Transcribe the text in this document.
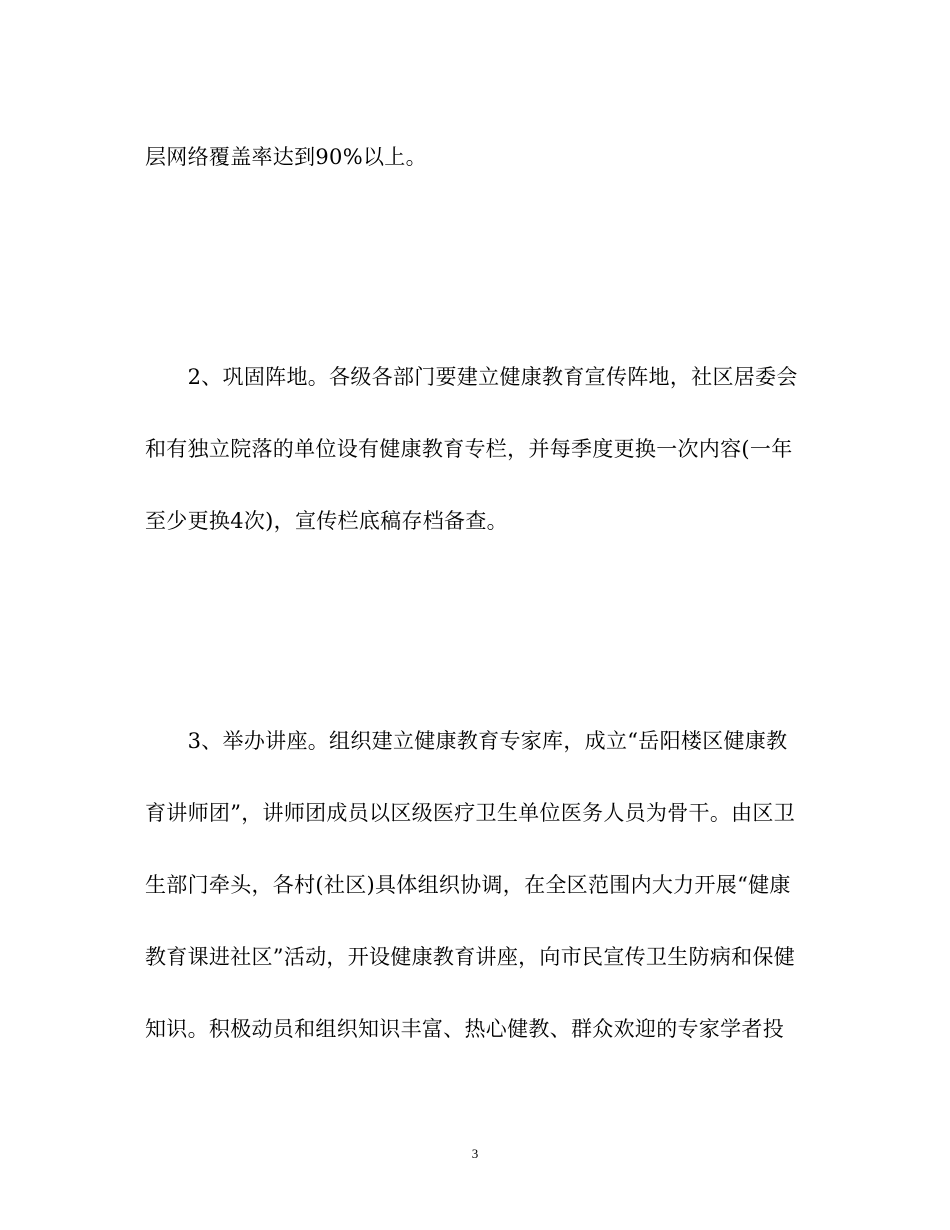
层网络覆盖率达到90%以上。
　　2、巩固阵地。各级各部门要建立健康教育宣传阵地，社区居委会
和有独立院落的单位设有健康教育专栏，并每季度更换一次内容(一年
至少更换4次)，宣传栏底稿存档备查。
　　3、举办讲座。组织建立健康教育专家库，成立“岳阳楼区健康教
育讲师团”，讲师团成员以区级医疗卫生单位医务人员为骨干。由区卫
生部门牵头，各村(社区)具体组织协调，在全区范围内大力开展“健康
教育课进社区”活动，开设健康教育讲座，向市民宣传卫生防病和保健
知识。积极动员和组织知识丰富、热心健教、群众欢迎的专家学者投
3
